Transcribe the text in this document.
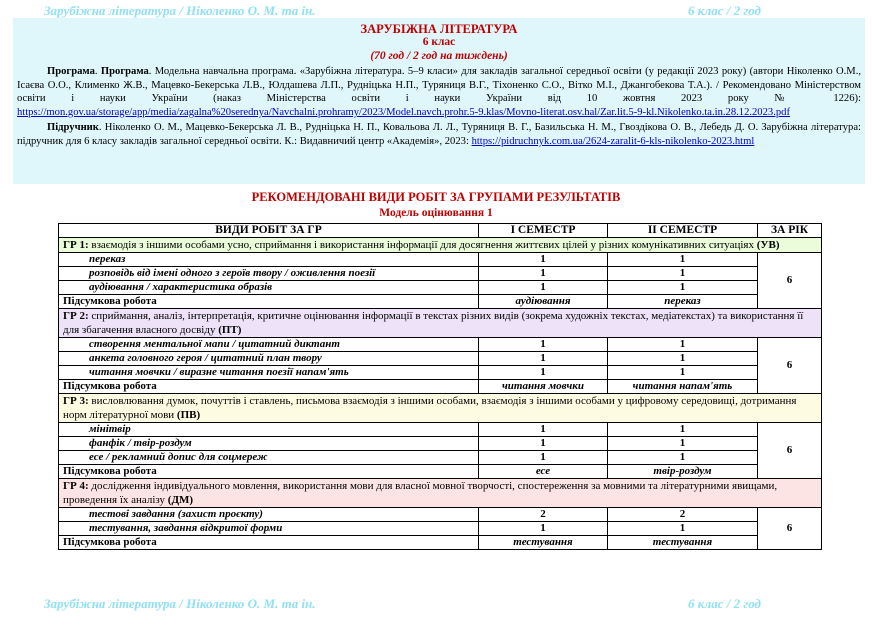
Зарубіжна література / Ніколенко О. М. та ін.	6 клас / 2 год
ЗАРУБІЖНА ЛІТЕРАТУРА
6 клас
(70 год / 2 год на тиждень)
Програма. Програма. Модельна навчальна програма. «Зарубіжна література. 5–9 класи» для закладів загальної середньої освіти (у редакції 2023 року) (автори Ніколенко О.М., Ісаєва О.О., Клименко Ж.В., Мацевко-Бекерська Л.В., Юлдашева Л.П., Рудніцька Н.П., Туряниця В.Г., Тіхоненко С.О., Вітко М.І., Джангобекова Т.А.). / Рекомендовано Міністерством освіти і науки України (наказ Міністерства освіти і науки України від 10 жовтня 2023 року № 1226): https://mon.gov.ua/storage/app/media/zagalna%20serednya/Navchalni.prohramy/2023/Model.navch.prohr.5-9.klas/Movno-literat.osv.hal/Zar.lit.5-9-kl.Nikolenko.ta.in.28.12.2023.pdf
Підручник. Ніколенко О. М., Мацевко-Бекерська Л. В., Рудніцька Н. П., Ковальова Л. Л., Туряниця В. Г., Базильська Н. М., Гвоздікова О. В., Лебедь Д. О. Зарубіжна література: підручник для 6 класу закладів загальної середньої освіти. К.: Видавничий центр «Академія», 2023: https://pidruchnyk.com.ua/2624-zaralit-6-kls-nikolenko-2023.html
РЕКОМЕНДОВАНІ ВИДИ РОБІТ ЗА ГРУПАМИ РЕЗУЛЬТАТІВ
Модель оцінювання 1
ВИДИ РОБІТ ЗА ГР	І СЕМЕСТР	ІІ СЕМЕСТР	ЗА РІК
ГР 1: взаємодія з іншими особами усно, сприймання і використання інформації для досягнення життєвих цілей у різних комунікативних ситуаціях (УВ)			
переказ	1	1	6
розповідь від імені одного з героїв твору / оживлення поезії	1	1	
аудіювання / характеристика образів	1	1	
Підсумкова робота	аудіювання	переказ	
ГР 2: сприймання, аналіз, інтерпретація, критичне оцінювання інформації в текстах різних видів (зокрема художніх текстах, медіатекстах) та використання її для збагачення власного досвіду (ПТ)			
створення ментальної мапи / цитатний диктант	1	1	6
анкета головного героя / цитатний план твору	1	1	
читання мовчки / виразне читання поезії напам'ять	1	1	
Підсумкова робота	читання мовчки	читання напам'ять	
ГР 3: висловлювання думок, почуттів і ставлень, письмова взаємодія з іншими особами, взаємодія з іншими особами у цифровому середовищі, дотримання норм літературної мови (ПВ)			
мінітвір	1	1	6
фанфік / твір-роздум	1	1	
есе / рекламний допис для соцмереж	1	1	
Підсумкова робота	есе	твір-роздум	
ГР 4: дослідження індивідуального мовлення, використання мови для власної мовної творчості, спостереження за мовними та літературними явищами, проведення їх аналізу (ДМ)			
тестові завдання (захист проєкту)	2	2	6
тестування, завдання відкритої форми	1	1	
Підсумкова робота	тестування	тестування	
Зарубіжна література / Ніколенко О. М. та ін.	6 клас / 2 год
